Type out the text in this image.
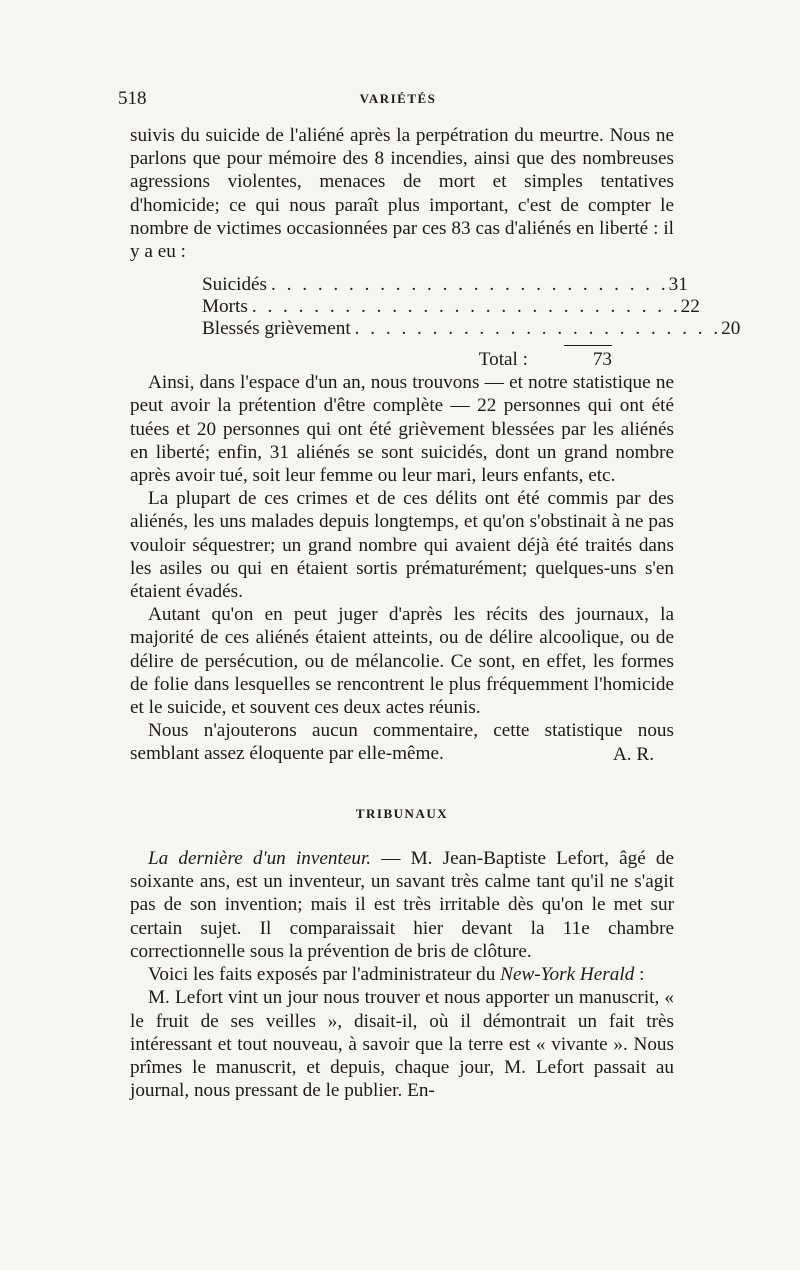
518	VARIÉTÉS

suivis du suicide de l'aliéné après la perpétration du meurtre. Nous ne parlons que pour mémoire des 8 incendies, ainsi que des nombreuses agressions violentes, menaces de mort et simples tentatives d'homicide; ce qui nous paraît plus important, c'est de compter le nombre de victimes occasionnées par ces 83 cas d'aliénés en liberté : il y a eu :

Suicidés . . . . . . . . . . . . . . . . . . . . . . . . . . 31
Morts . . . . . . . . . . . . . . . . . . . . . . . . . . . . 22
Blessés grièvement . . . . . . . . . . . . . . . . . . . . . . . . 20
Total :	73

Ainsi, dans l'espace d'un an, nous trouvons — et notre statistique ne peut avoir la prétention d'être complète — 22 personnes qui ont été tuées et 20 personnes qui ont été grièvement blessées par les aliénés en liberté; enfin, 31 aliénés se sont suicidés, dont un grand nombre après avoir tué, soit leur femme ou leur mari, leurs enfants, etc.

La plupart de ces crimes et de ces délits ont été commis par des aliénés, les uns malades depuis longtemps, et qu'on s'obstinait à ne pas vouloir séquestrer; un grand nombre qui avaient déjà été traités dans les asiles ou qui en étaient sortis prématurément; quelques-uns s'en étaient évadés.

Autant qu'on en peut juger d'après les récits des journaux, la majorité de ces aliénés étaient atteints, ou de délire alcoolique, ou de délire de persécution, ou de mélancolie. Ce sont, en effet, les formes de folie dans lesquelles se rencontrent le plus fréquemment l'homicide et le suicide, et souvent ces deux actes réunis.

Nous n'ajouterons aucun commentaire, cette statistique nous semblant assez éloquente par elle-même.	A. R.

TRIBUNAUX

La dernière d'un inventeur. — M. Jean-Baptiste Lefort, âgé de soixante ans, est un inventeur, un savant très calme tant qu'il ne s'agit pas de son invention; mais il est très irritable dès qu'on le met sur certain sujet. Il comparaissait hier devant la 11e chambre correctionnelle sous la prévention de bris de clôture.

Voici les faits exposés par l'administrateur du New-York Herald :

M. Lefort vint un jour nous trouver et nous apporter un manuscrit, « le fruit de ses veilles », disait-il, où il démontrait un fait très intéressant et tout nouveau, à savoir que la terre est « vivante ». Nous prîmes le manuscrit, et depuis, chaque jour, M. Lefort passait au journal, nous pressant de le publier. En-
